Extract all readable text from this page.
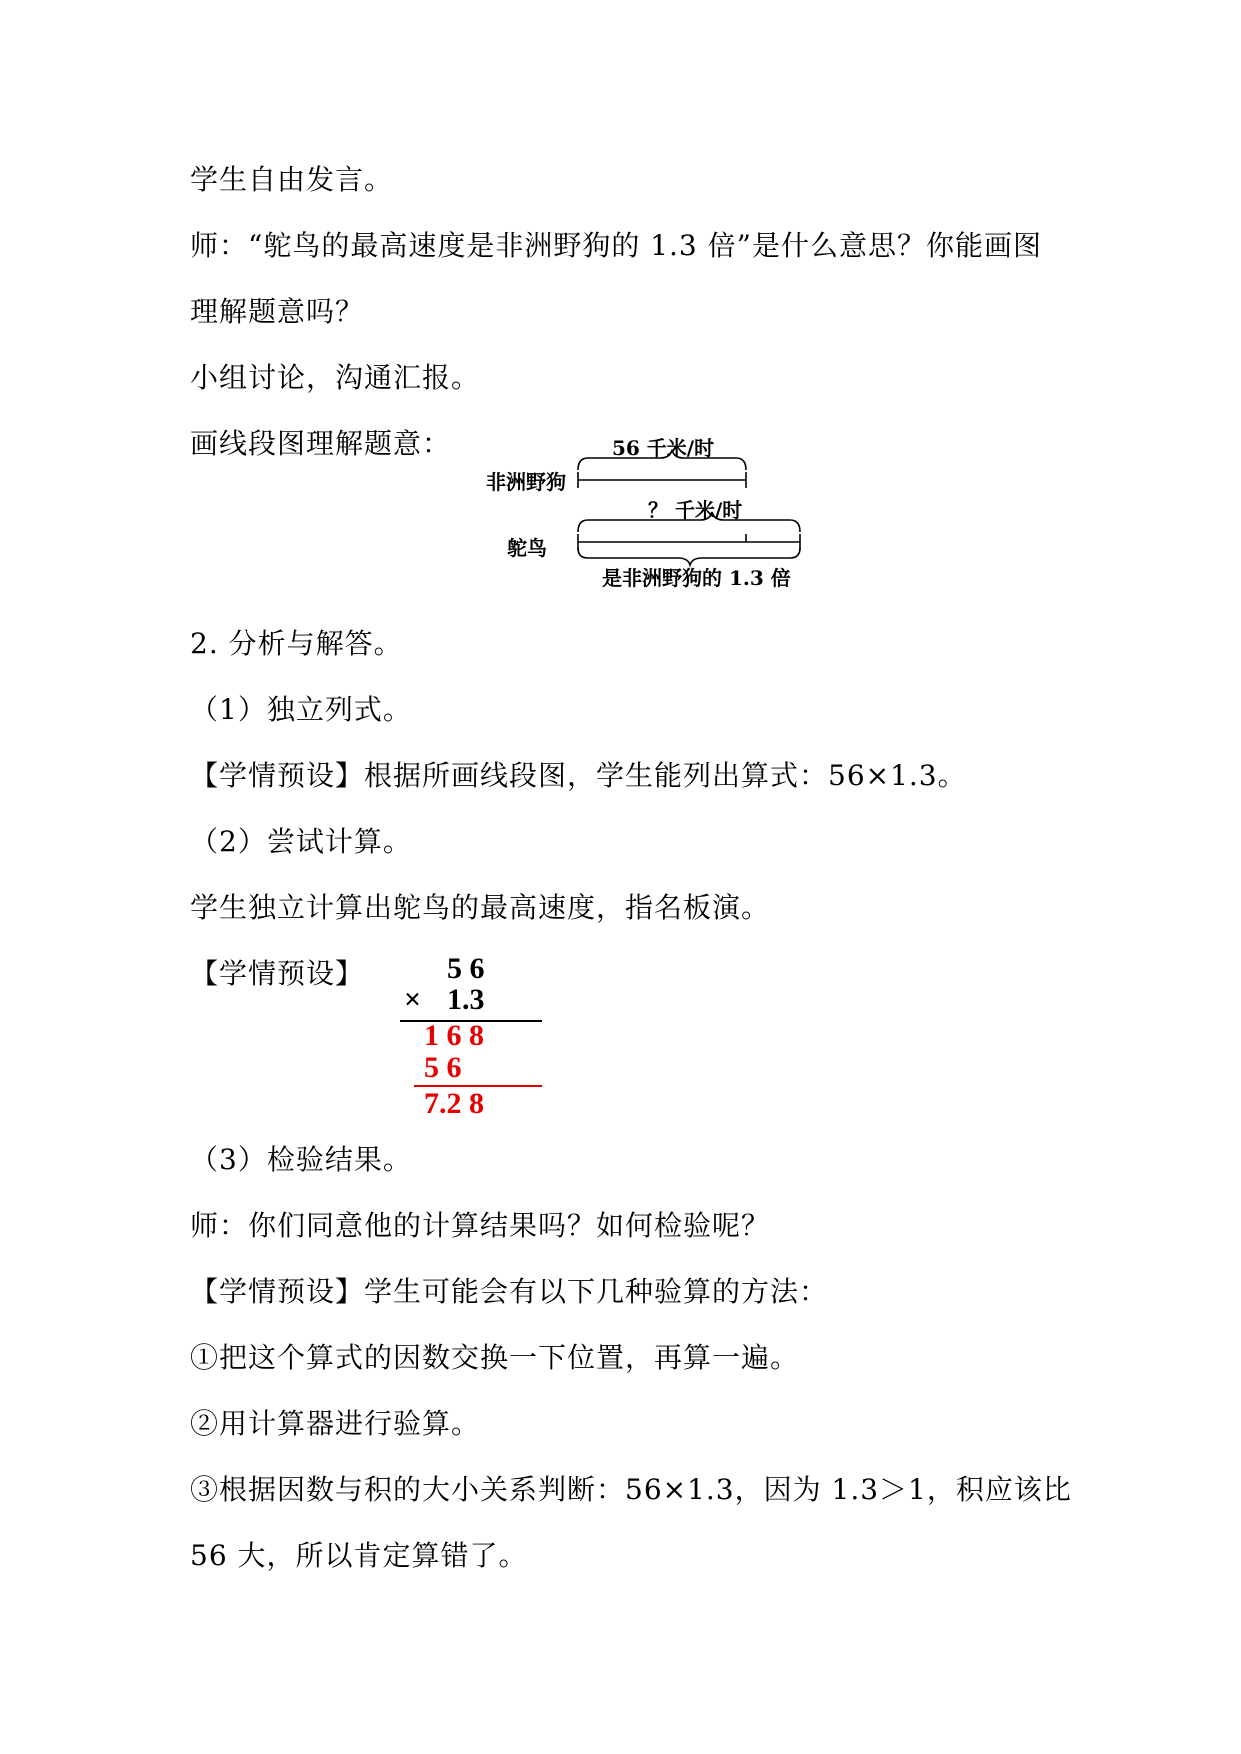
学生自由发言。
师：“鸵鸟的最高速度是非洲野狗的 1.3 倍”是什么意思？你能画图
理解题意吗？
小组讨论，沟通汇报。
画线段图理解题意：	56 千米/时
非洲野狗
？ 千米/时
鸵鸟
是非洲野狗的 1.3 倍
2. 分析与解答。
（1）独立列式。
【学情预设】根据所画线段图，学生能列出算式：56×1.3。
（2）尝试计算。
学生独立计算出鸵鸟的最高速度，指名板演。
【学情预设】	5 6
× 1.3
1 6 8
5 6
7.2 8
（3）检验结果。
师：你们同意他的计算结果吗？如何检验呢？
【学情预设】学生可能会有以下几种验算的方法：
①把这个算式的因数交换一下位置，再算一遍。
②用计算器进行验算。
③根据因数与积的大小关系判断：56×1.3，因为 1.3＞1，积应该比
56 大，所以肯定算错了。
